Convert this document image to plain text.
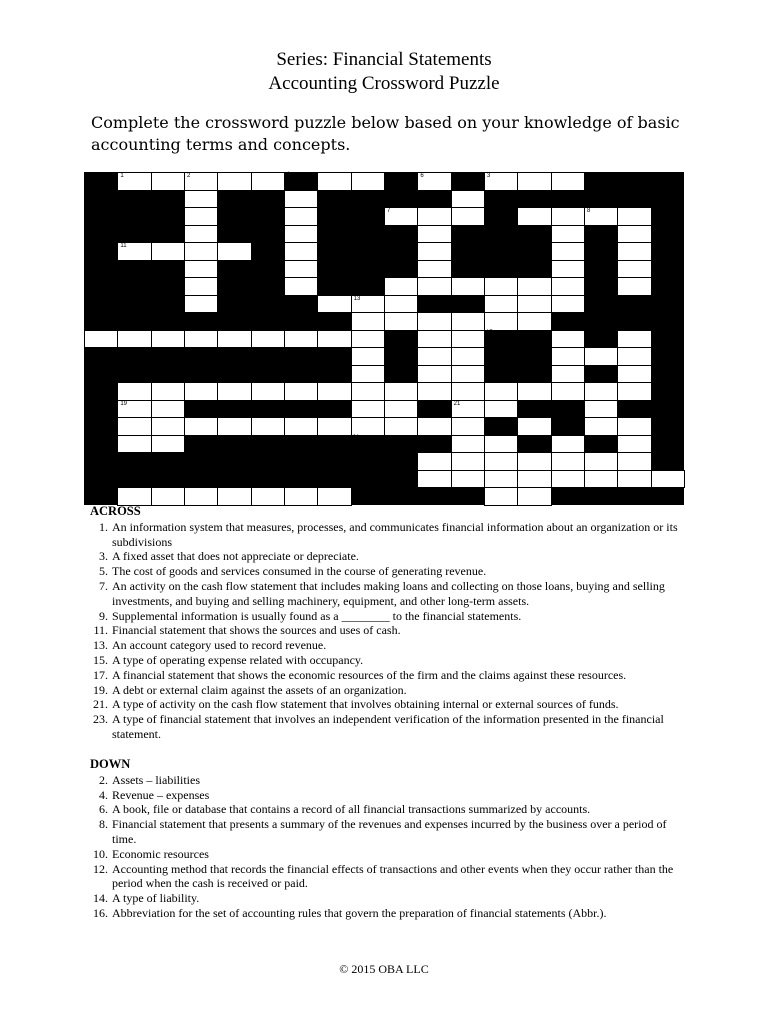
Series: Financial Statements
Accounting Crossword Puzzle
Complete the crossword puzzle below based on your knowledge of basic accounting terms and concepts.
1	2	4	6	3
7	8
11
11
10
13
5	12
15
17	14
19	21
21
23
ACROSS
1. An information system that measures, processes, and communicates financial information about an organization or its subdivisions
3. A fixed asset that does not appreciate or depreciate.
5. The cost of goods and services consumed in the course of generating revenue.
7. An activity on the cash flow statement that includes making loans and collecting on those loans, buying and selling investments, and buying and selling machinery, equipment, and other long-term assets.
9. Supplemental information is usually found as a ________ to the financial statements.
11. Financial statement that shows the sources and uses of cash.
13. An account category used to record revenue.
15. A type of operating expense related with occupancy.
17. A financial statement that shows the economic resources of the firm and the claims against these resources.
19. A debt or external claim against the assets of an organization.
21. A type of activity on the cash flow statement that involves obtaining internal or external sources of funds.
23. A type of financial statement that involves an independent verification of the information presented in the financial statement.
DOWN
2. Assets – liabilities
4. Revenue – expenses
6. A book, file or database that contains a record of all financial transactions summarized by accounts.
8. Financial statement that presents a summary of the revenues and expenses incurred by the business over a period of time.
10. Economic resources
12. Accounting method that records the financial effects of transactions and other events when they occur rather than the period when the cash is received or paid.
14. A type of liability.
16. Abbreviation for the set of accounting rules that govern the preparation of financial statements (Abbr.).
© 2015 OBA LLC
